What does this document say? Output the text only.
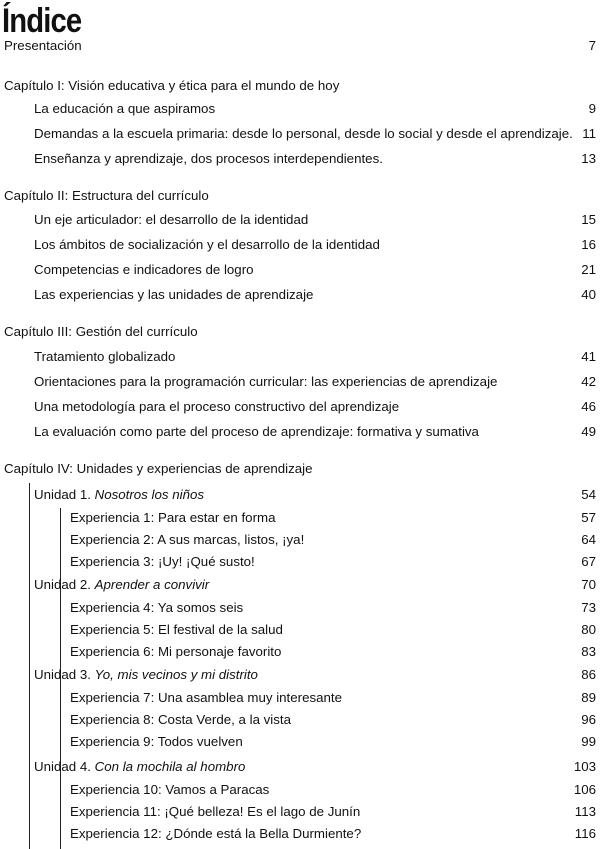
Índice
Presentación	7
Capítulo I: Visión educativa y ética para el mundo de hoy
La educación a que aspiramos	9
Demandas a la escuela primaria: desde lo personal, desde lo social y desde el aprendizaje. 11
Enseñanza y aprendizaje, dos procesos interdependientes.	13
Capítulo II: Estructura del currículo
Un eje articulador: el desarrollo de la identidad	15
Los ámbitos de socialización y el desarrollo de la identidad	16
Competencias e indicadores de logro	21
Las experiencias y las unidades de aprendizaje	40
Capítulo III: Gestión del currículo
Tratamiento globalizado	41
Orientaciones para la programación curricular: las experiencias de aprendizaje	42
Una metodología para el proceso constructivo del aprendizaje	46
La evaluación como parte del proceso de aprendizaje: formativa y sumativa	49
Capítulo IV: Unidades y experiencias de aprendizaje
Unidad 1. Nosotros los niños	54
Experiencia 1: Para estar en forma	57
Experiencia 2: A sus marcas, listos, ¡ya!	64
Experiencia 3: ¡Uy! ¡Qué susto!	67
Unidad 2. Aprender a convivir	70
Experiencia 4: Ya somos seis	73
Experiencia 5: El festival de la salud	80
Experiencia 6: Mi personaje favorito	83
Unidad 3. Yo, mis vecinos y mi distrito	86
Experiencia 7: Una asamblea muy interesante	89
Experiencia 8: Costa Verde, a la vista	96
Experiencia 9: Todos vuelven	99
Unidad 4. Con la mochila al hombro	103
Experiencia 10: Vamos a Paracas	106
Experiencia 11: ¡Qué belleza! Es el lago de Junín	113
Experiencia 12: ¿Dónde está la Bella Durmiente?	116
